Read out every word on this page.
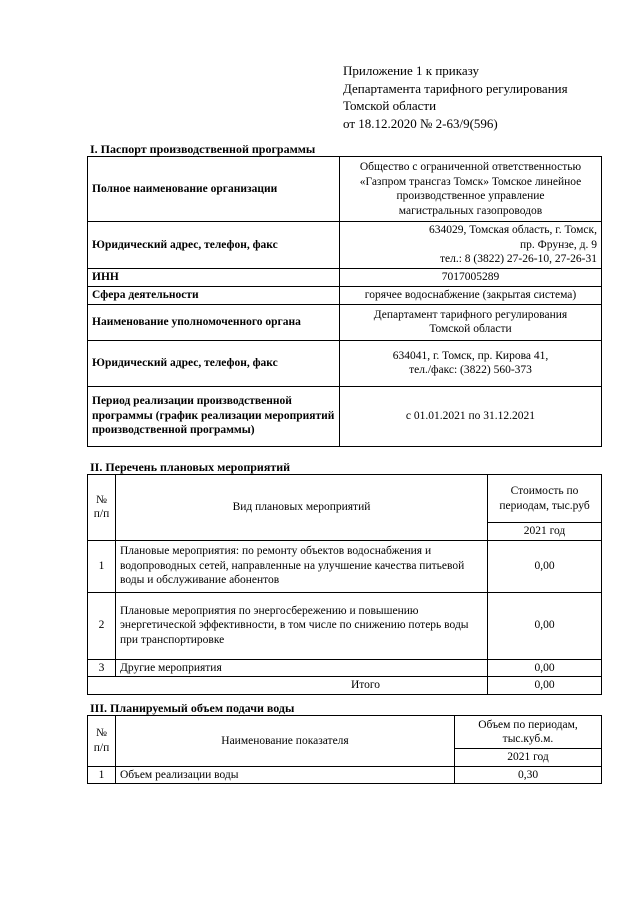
Приложение 1 к приказу
Департамента тарифного регулирования
Томской области
от 18.12.2020 № 2-63/9(596)
I. Паспорт производственной программы
Полное наименование организации	Общество с ограниченной ответственностью
«Газпром трансгаз Томск» Томское линейное
производственное управление
магистральных газопроводов

Юридический адрес, телефон, факс	634029, Томская область, г. Томск,
пр. Фрунзе, д. 9
тел.: 8 (3822) 27-26-10, 27-26-31

ИНН	7017005289
Сфера деятельности	горячее водоснабжение (закрытая система)
Наименование уполномоченного органа	Департамент тарифного регулирования
Томской области

Юридический адрес, телефон, факс	634041, г. Томск, пр. Кирова 41,
тел./факс: (3822) 560-373

Период реализации производственной программы (график реализации мероприятий производственной программы)	с 01.01.2021 по 31.12.2021
II. Перечень плановых мероприятий
№ п/п	Вид плановых мероприятий	Стоимость по периодам, тыс.руб
		2021 год
1	Плановые мероприятия: по ремонту объектов водоснабжения и водопроводных сетей, направленные на улучшение качества питьевой воды и обслуживание абонентов	0,00
2	Плановые мероприятия по энергосбережению и повышению энергетической эффективности, в том числе по снижению потерь воды при транспортировке	0,00
3	Другие мероприятия	0,00
Итого		0,00
III. Планируемый объем подачи воды
№ п/п	Наименование показателя	Объем по периодам, тыс.куб.м.
		2021 год
1	Объем реализации воды	0,30
